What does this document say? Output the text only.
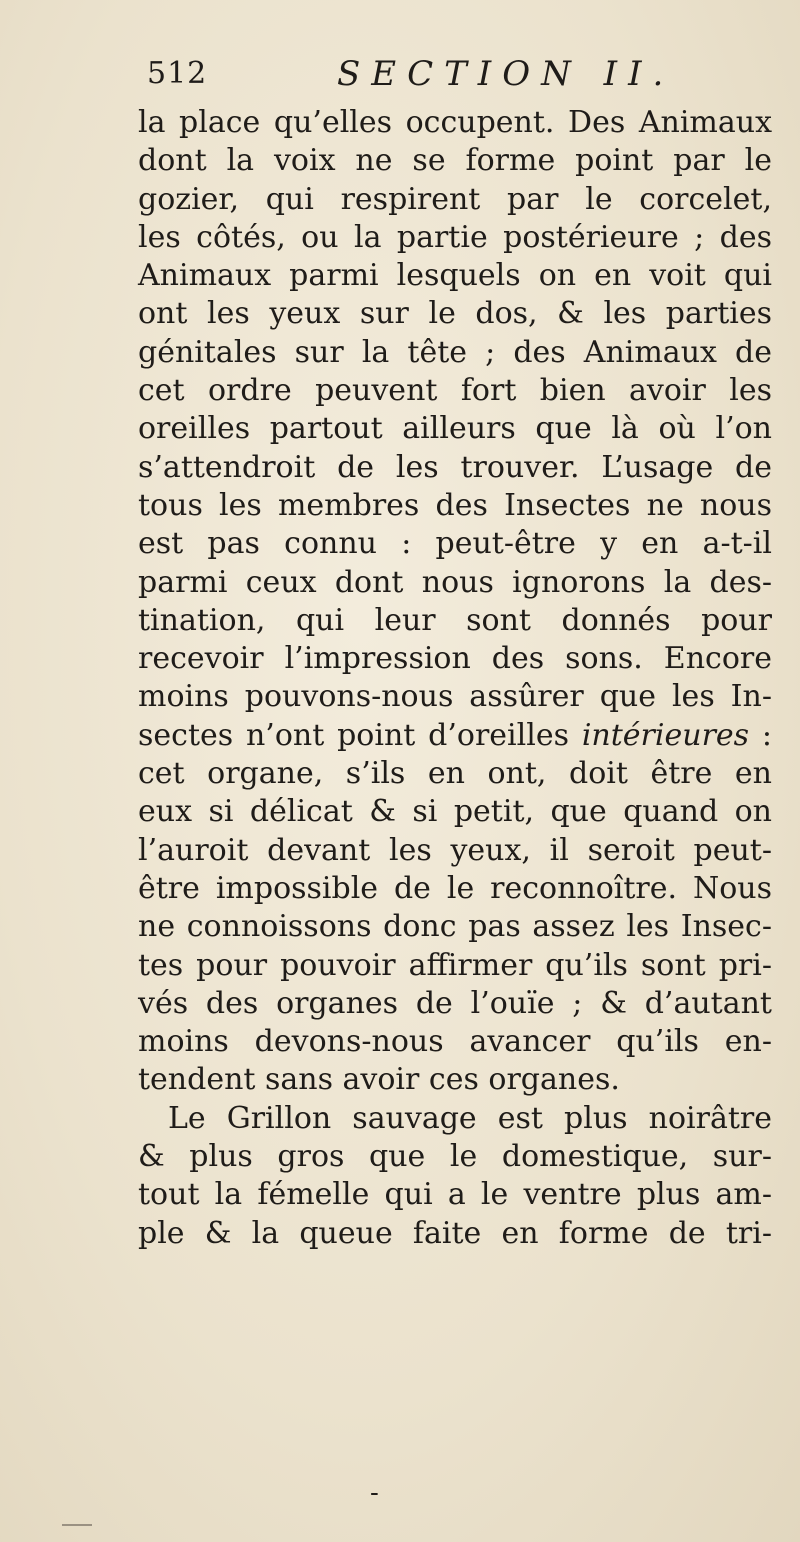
512	SECTION II.
la place qu’elles occupent. Des Animaux
dont la voix ne se forme point par le
gozier, qui respirent par le corcelet,
les côtés, ou la partie postérieure ; des
Animaux parmi lesquels on en voit qui
ont les yeux sur le dos, & les parties
génitales sur la tête ; des Animaux de
cet ordre peuvent fort bien avoir les
oreilles partout ailleurs que là où l’on
s’attendroit de les trouver. L’usage de
tous les membres des Insectes ne nous
est pas connu : peut-être y en a-t-il
parmi ceux dont nous ignorons la des-
tination, qui leur sont donnés pour
recevoir l’impression des sons. Encore
moins pouvons-nous assûrer que les In-
sectes n’ont point d’oreilles intérieures :
cet organe, s’ils en ont, doit être en
eux si délicat & si petit, que quand on
l’auroit devant les yeux, il seroit peut-
être impossible de le reconnoître. Nous
ne connoissons donc pas assez les Insec-
tes pour pouvoir affirmer qu’ils sont pri-
vés des organes de l’ouïe ; & d’autant
moins devons-nous avancer qu’ils en-
tendent sans avoir ces organes.
Le Grillon sauvage est plus noirâtre
& plus gros que le domestique, sur-
tout la fémelle qui a le ventre plus am-
ple & la queue faite en forme de tri-
-
